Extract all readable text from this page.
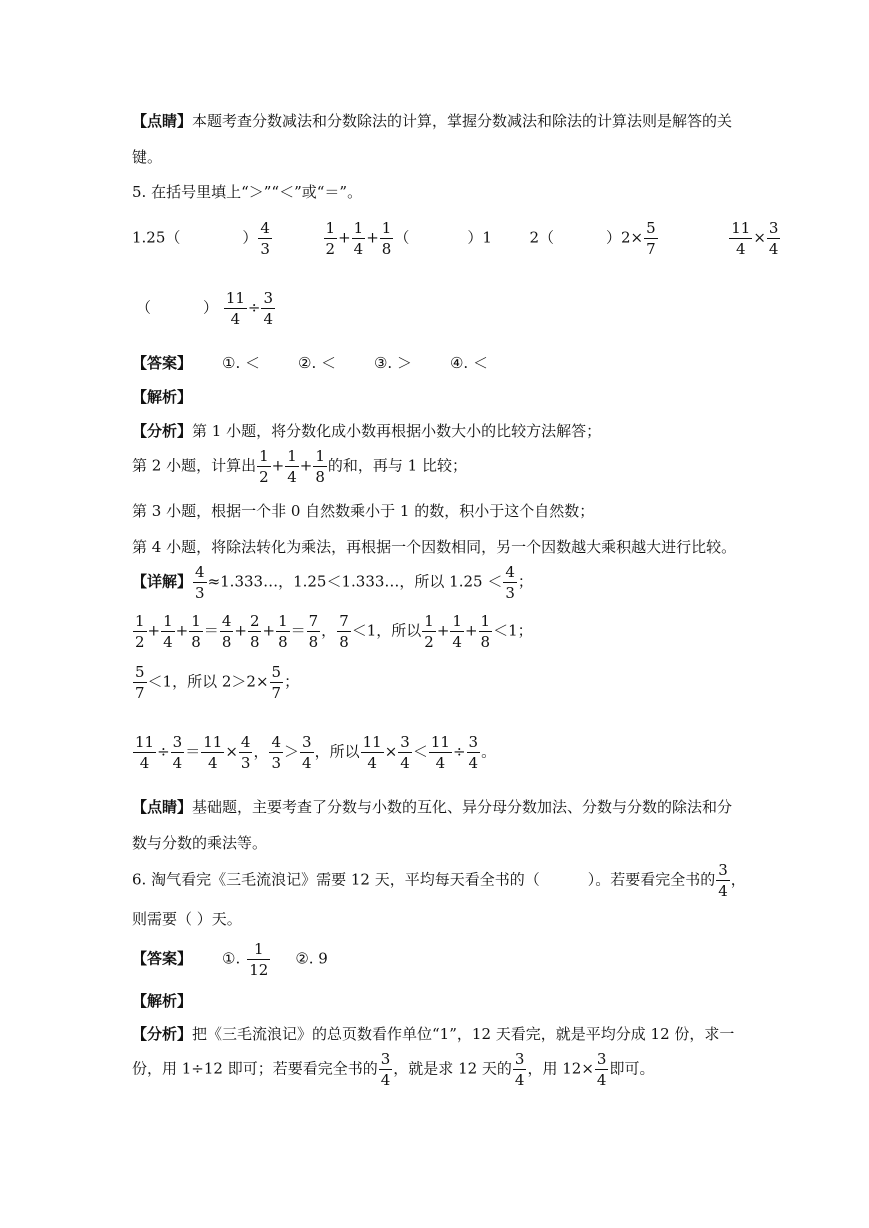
【点睛】本题考查分数减法和分数除法的计算，掌握分数减法和除法的计算法则是解答的关
键。
5. 在括号里填上“＞”“＜”或“＝”。
1.25（	） $\frac{4}{3}$
	$\frac{1}{2} + \frac{1}{4} + \frac{1}{8}$ （	）1	2（	）$2\times \frac{5}{7}$
	$\frac{11}{4} \times \frac{3}{4}$
（	） $\frac{11}{4} \div \frac{3}{4}$
【答案】 ①. ＜	②. ＜	③. ＞	④. ＜
【解析】
【分析】第 1 小题，将分数化成小数再根据小数大小的比较方法解答；
第 2 小题，计算出 $\frac{1}{2} + \frac{1}{4} + \frac{1}{8}$ 的和，再与 1 比较；
第 3 小题，根据一个非 0 自然数乘小于 1 的数，积小于这个自然数；
第 4 小题，将除法转化为乘法，再根据一个因数相同，另一个因数越大乘积越大进行比较。
【详解】 $\frac{4}{3}$ ≈1.333…，1.25＜1.333…，所以 $1.25 < \frac{4}{3}$ ；
$\frac{1}{2} + \frac{1}{4} + \frac{1}{8} = \frac{4}{8} + \frac{2}{8} + \frac{1}{8} = \frac{7}{8}$ ， $\frac{7}{8} <1$，所以 $\frac{1}{2} + \frac{1}{4} + \frac{1}{8} <1$；
$\frac{5}{7} <1$，所以 $2>2\times \frac{5}{7}$ ；
$\frac{11}{4} \div \frac{3}{4} = \frac{11}{4} \times \frac{4}{3}$ ， $\frac{4}{3} > \frac{3}{4}$ ，所以 $\frac{11}{4} \times \frac{3}{4} < \frac{11}{4} \div \frac{3}{4}$ 。
【点睛】基础题，主要考查了分数与小数的互化、异分母分数加法、分数与分数的除法和分
数与分数的乘法等。
6. 淘气看完《三毛流浪记》需要 12 天，平均每天看全书的（	）。若要看完全书的 $\frac{3}{4}$ ，
则需要（ ）天。
【答案】 ①. $\frac{1}{12}$ ②. 9
【解析】
【分析】把《三毛流浪记》的总页数看作单位“1”，12 天看完，就是平均分成 12 份，求一
份，用 1÷12 即可；若要看完全书的 $\frac{3}{4}$ ，就是求 12 天的 $\frac{3}{4}$ ，用 $12\times \frac{3}{4}$ 即可。
